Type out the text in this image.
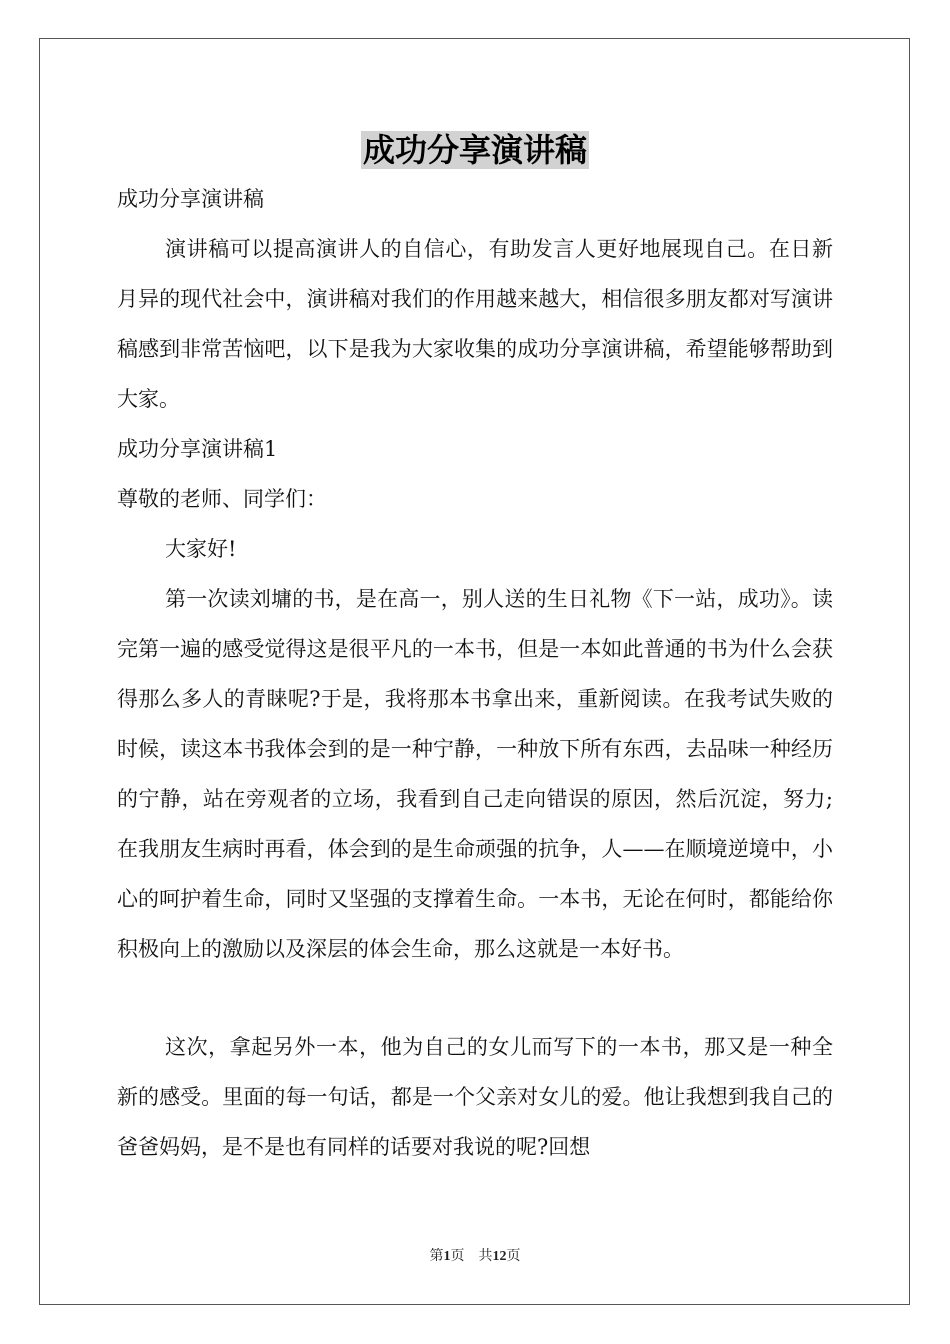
成功分享演讲稿

成功分享演讲稿

演讲稿可以提高演讲人的自信心，有助发言人更好地展现自己。在日新月异的现代社会中，演讲稿对我们的作用越来越大，相信很多朋友都对写演讲稿感到非常苦恼吧，以下是我为大家收集的成功分享演讲稿，希望能够帮助到大家。

成功分享演讲稿1

尊敬的老师、同学们：

大家好!

第一次读刘墉的书，是在高一，别人送的生日礼物《下一站，成功》。读完第一遍的感受觉得这是很平凡的一本书，但是一本如此普通的书为什么会获得那么多人的青睐呢?于是，我将那本书拿出来，重新阅读。在我考试失败的时候，读这本书我体会到的是一种宁静，一种放下所有东西，去品味一种经历的宁静，站在旁观者的立场，我看到自己走向错误的原因，然后沉淀，努力;在我朋友生病时再看，体会到的是生命顽强的抗争，人——在顺境逆境中，小心的呵护着生命，同时又坚强的支撑着生命。一本书，无论在何时，都能给你积极向上的激励以及深层的体会生命，那么这就是一本好书。

这次，拿起另外一本，他为自己的女儿而写下的一本书，那又是一种全新的感受。里面的每一句话，都是一个父亲对女儿的爱。他让我想到我自己的爸爸妈妈，是不是也有同样的话要对我说的呢?回想

第1页　共12页
